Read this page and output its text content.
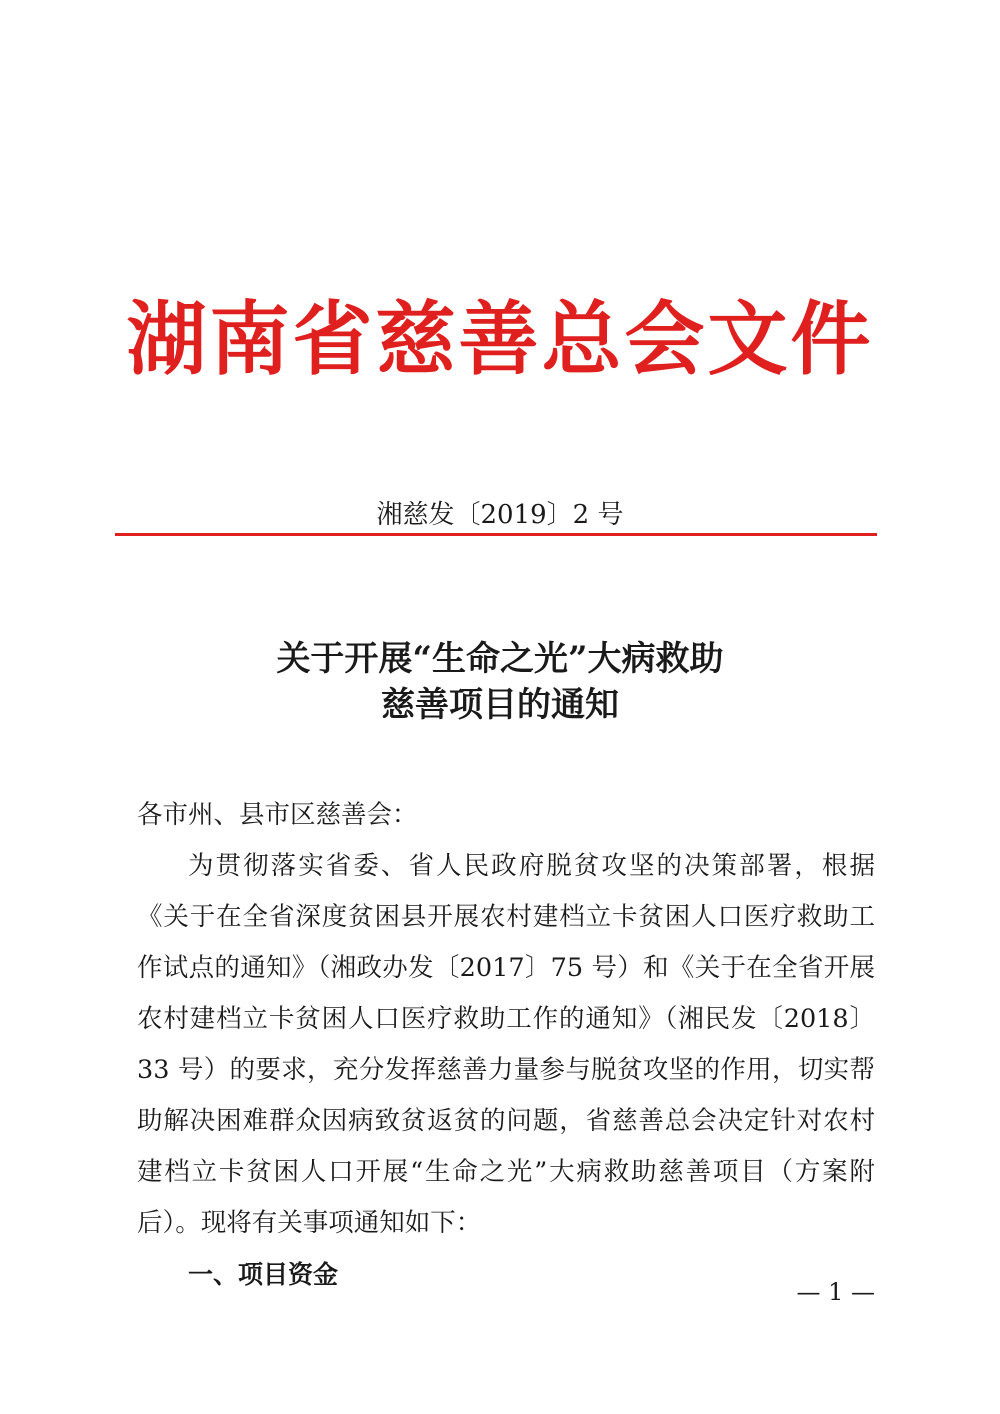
湖南省慈善总会文件
湘慈发〔2019〕2 号
关于开展“生命之光”大病救助
慈善项目的通知
各市州、县市区慈善会：
为贯彻落实省委、省人民政府脱贫攻坚的决策部署，根据《关于在全省深度贫困县开展农村建档立卡贫困人口医疗救助工作试点的通知》（湘政办发〔2017〕75 号）和《关于在全省开展农村建档立卡贫困人口医疗救助工作的通知》（湘民发〔2018〕33 号）的要求，充分发挥慈善力量参与脱贫攻坚的作用，切实帮助解决困难群众因病致贫返贫的问题，省慈善总会决定针对农村建档立卡贫困人口开展“生命之光”大病救助慈善项目（方案附后）。现将有关事项通知如下：
一、项目资金
— 1 —
